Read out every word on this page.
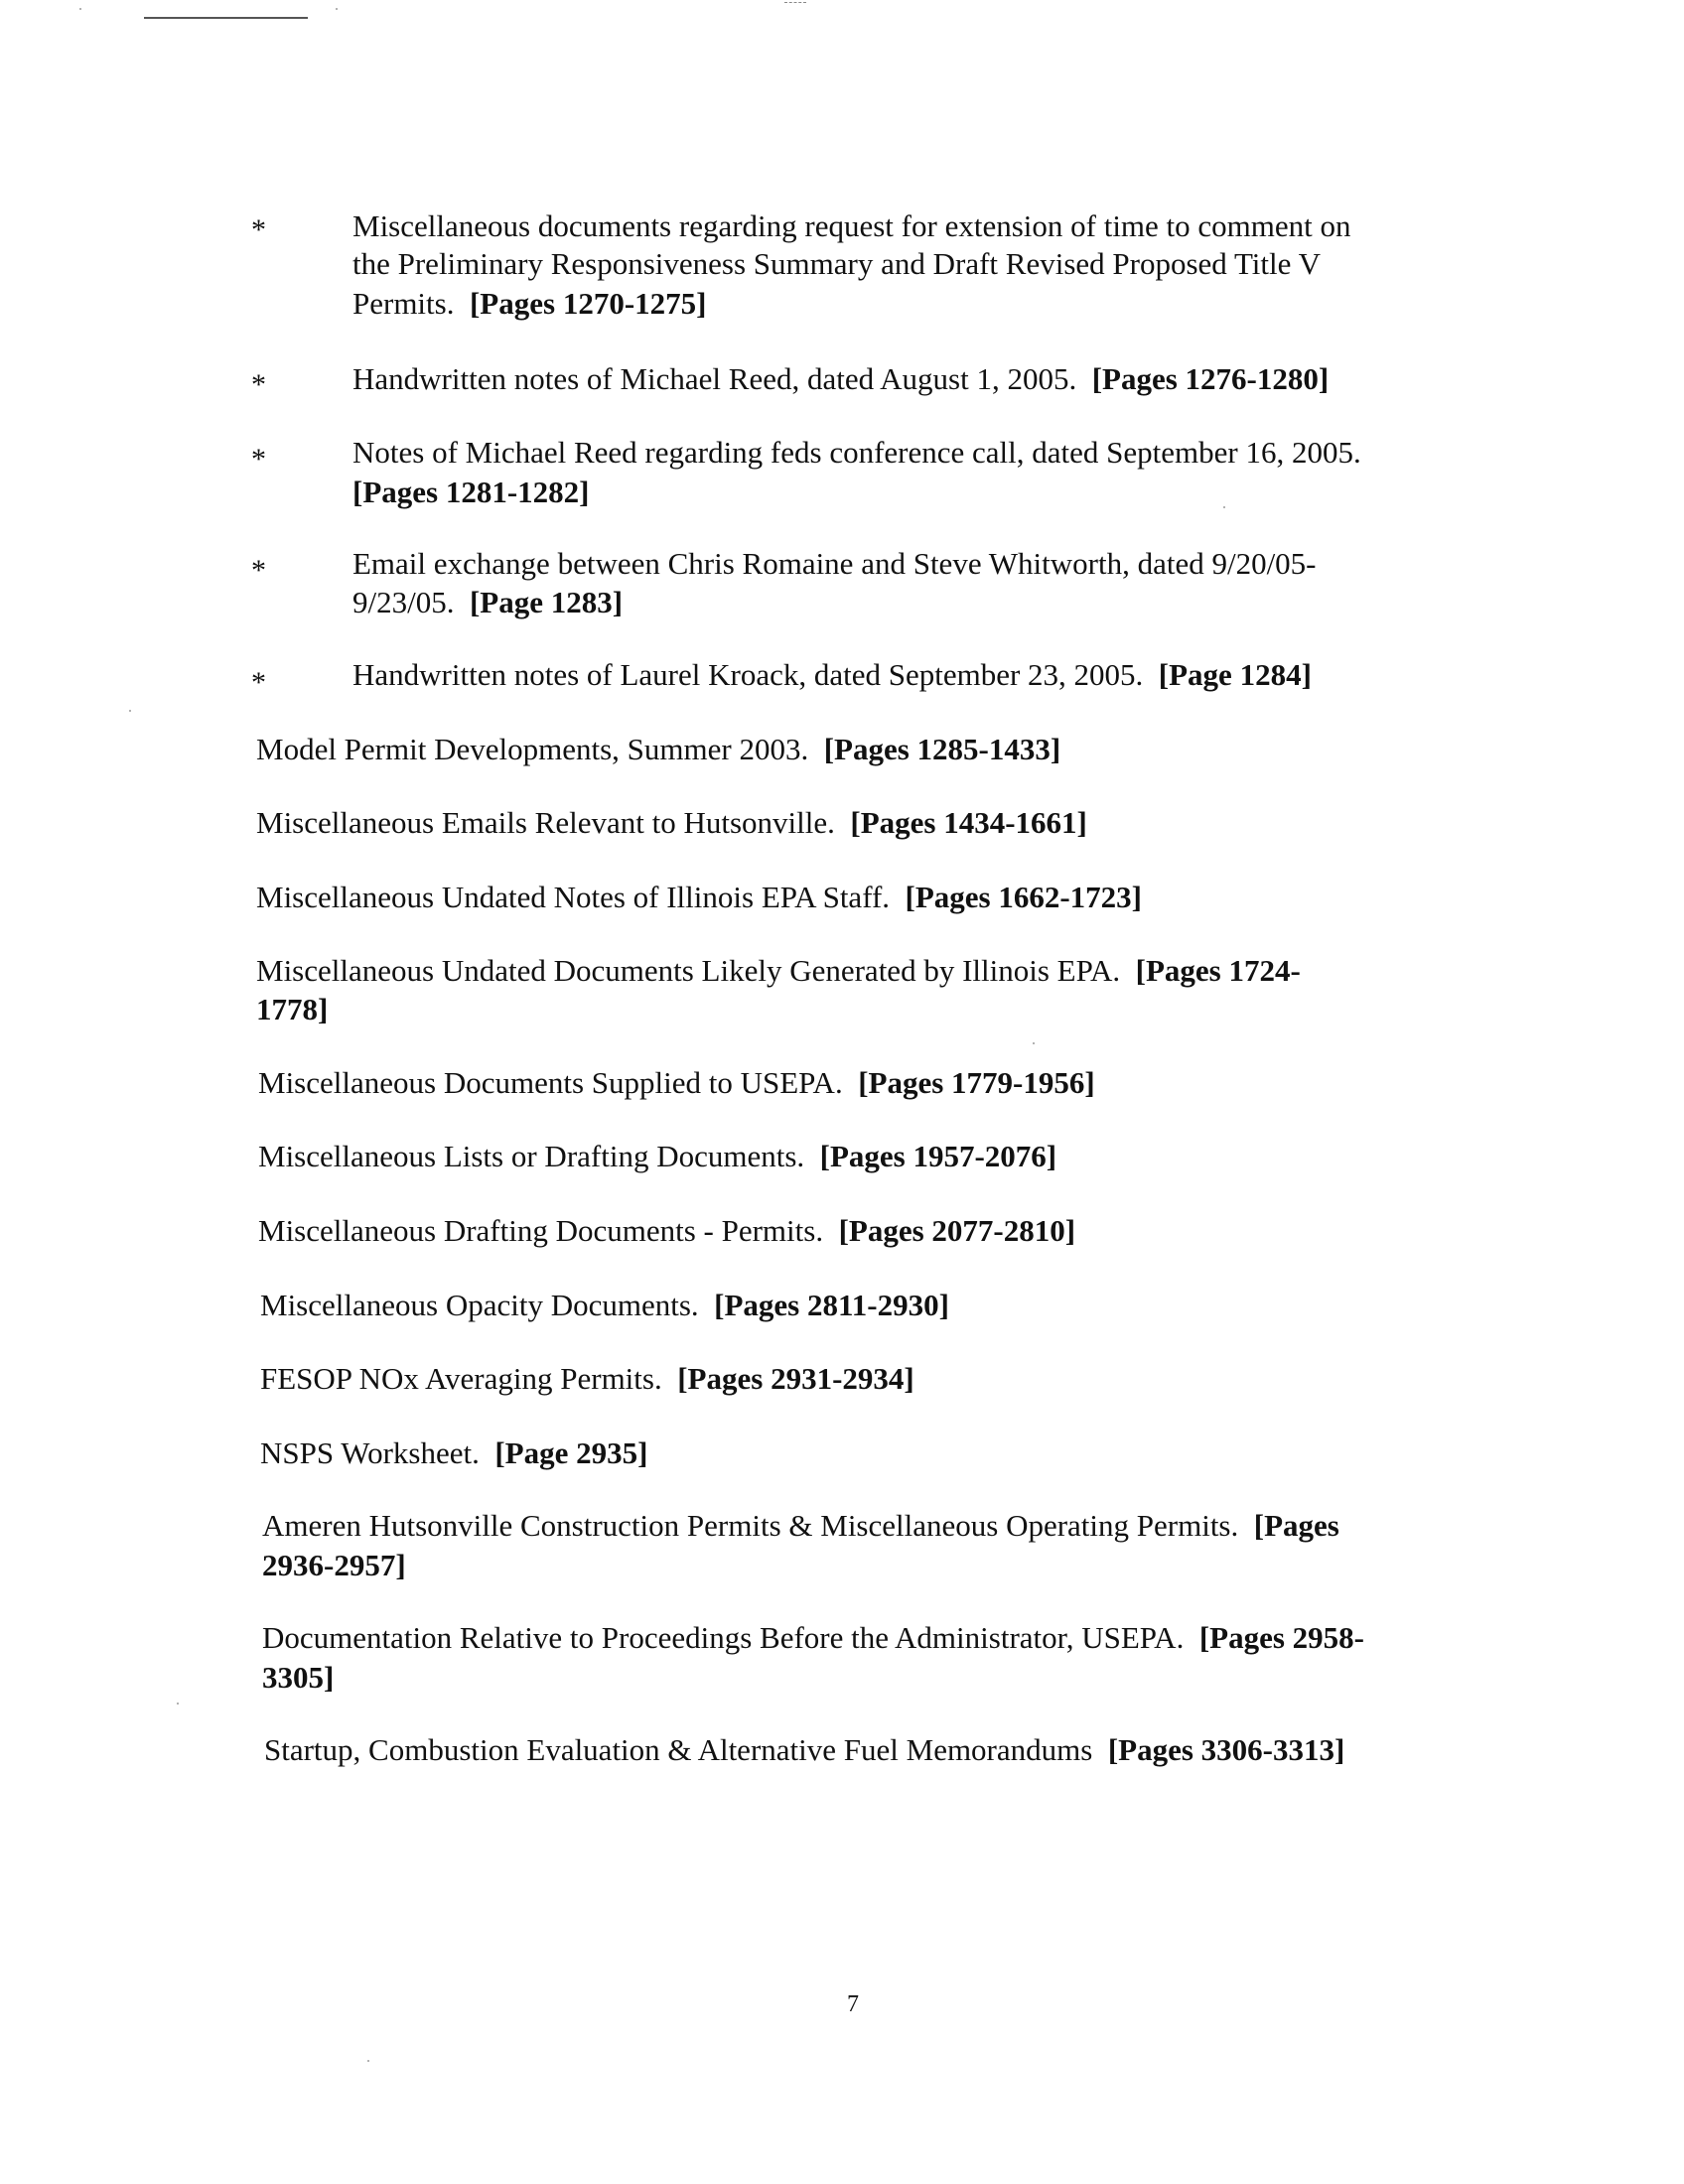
*	Miscellaneous documents regarding request for extension of time to comment on

the Preliminary Responsiveness Summary and Draft Revised Proposed Title V

Permits. [Pages 1270-1275]

*	Handwritten notes of Michael Reed, dated August 1, 2005. [Pages 1276-1280]

*	Notes of Michael Reed regarding feds conference call, dated September 16, 2005.

[Pages 1281-1282]

*	Email exchange between Chris Romaine and Steve Whitworth, dated 9/20/05-

9/23/05. [Page 1283]

*	Handwritten notes of Laurel Kroack, dated September 23, 2005. [Page 1284]

Model Permit Developments, Summer 2003. [Pages 1285-1433]

Miscellaneous Emails Relevant to Hutsonville. [Pages 1434-1661]

Miscellaneous Undated Notes of Illinois EPA Staff. [Pages 1662-1723]

Miscellaneous Undated Documents Likely Generated by Illinois EPA. [Pages 1724-

1778]

Miscellaneous Documents Supplied to USEPA. [Pages 1779-1956]

Miscellaneous Lists or Drafting Documents. [Pages 1957-2076]

Miscellaneous Drafting Documents - Permits. [Pages 2077-2810]

Miscellaneous Opacity Documents. [Pages 2811-2930]

FESOP NOx Averaging Permits. [Pages 2931-2934]

NSPS Worksheet. [Page 2935]

Ameren Hutsonville Construction Permits & Miscellaneous Operating Permits. [Pages

2936-2957]

Documentation Relative to Proceedings Before the Administrator, USEPA. [Pages 2958-

3305]

Startup, Combustion Evaluation & Alternative Fuel Memorandums [Pages 3306-3313]

7
